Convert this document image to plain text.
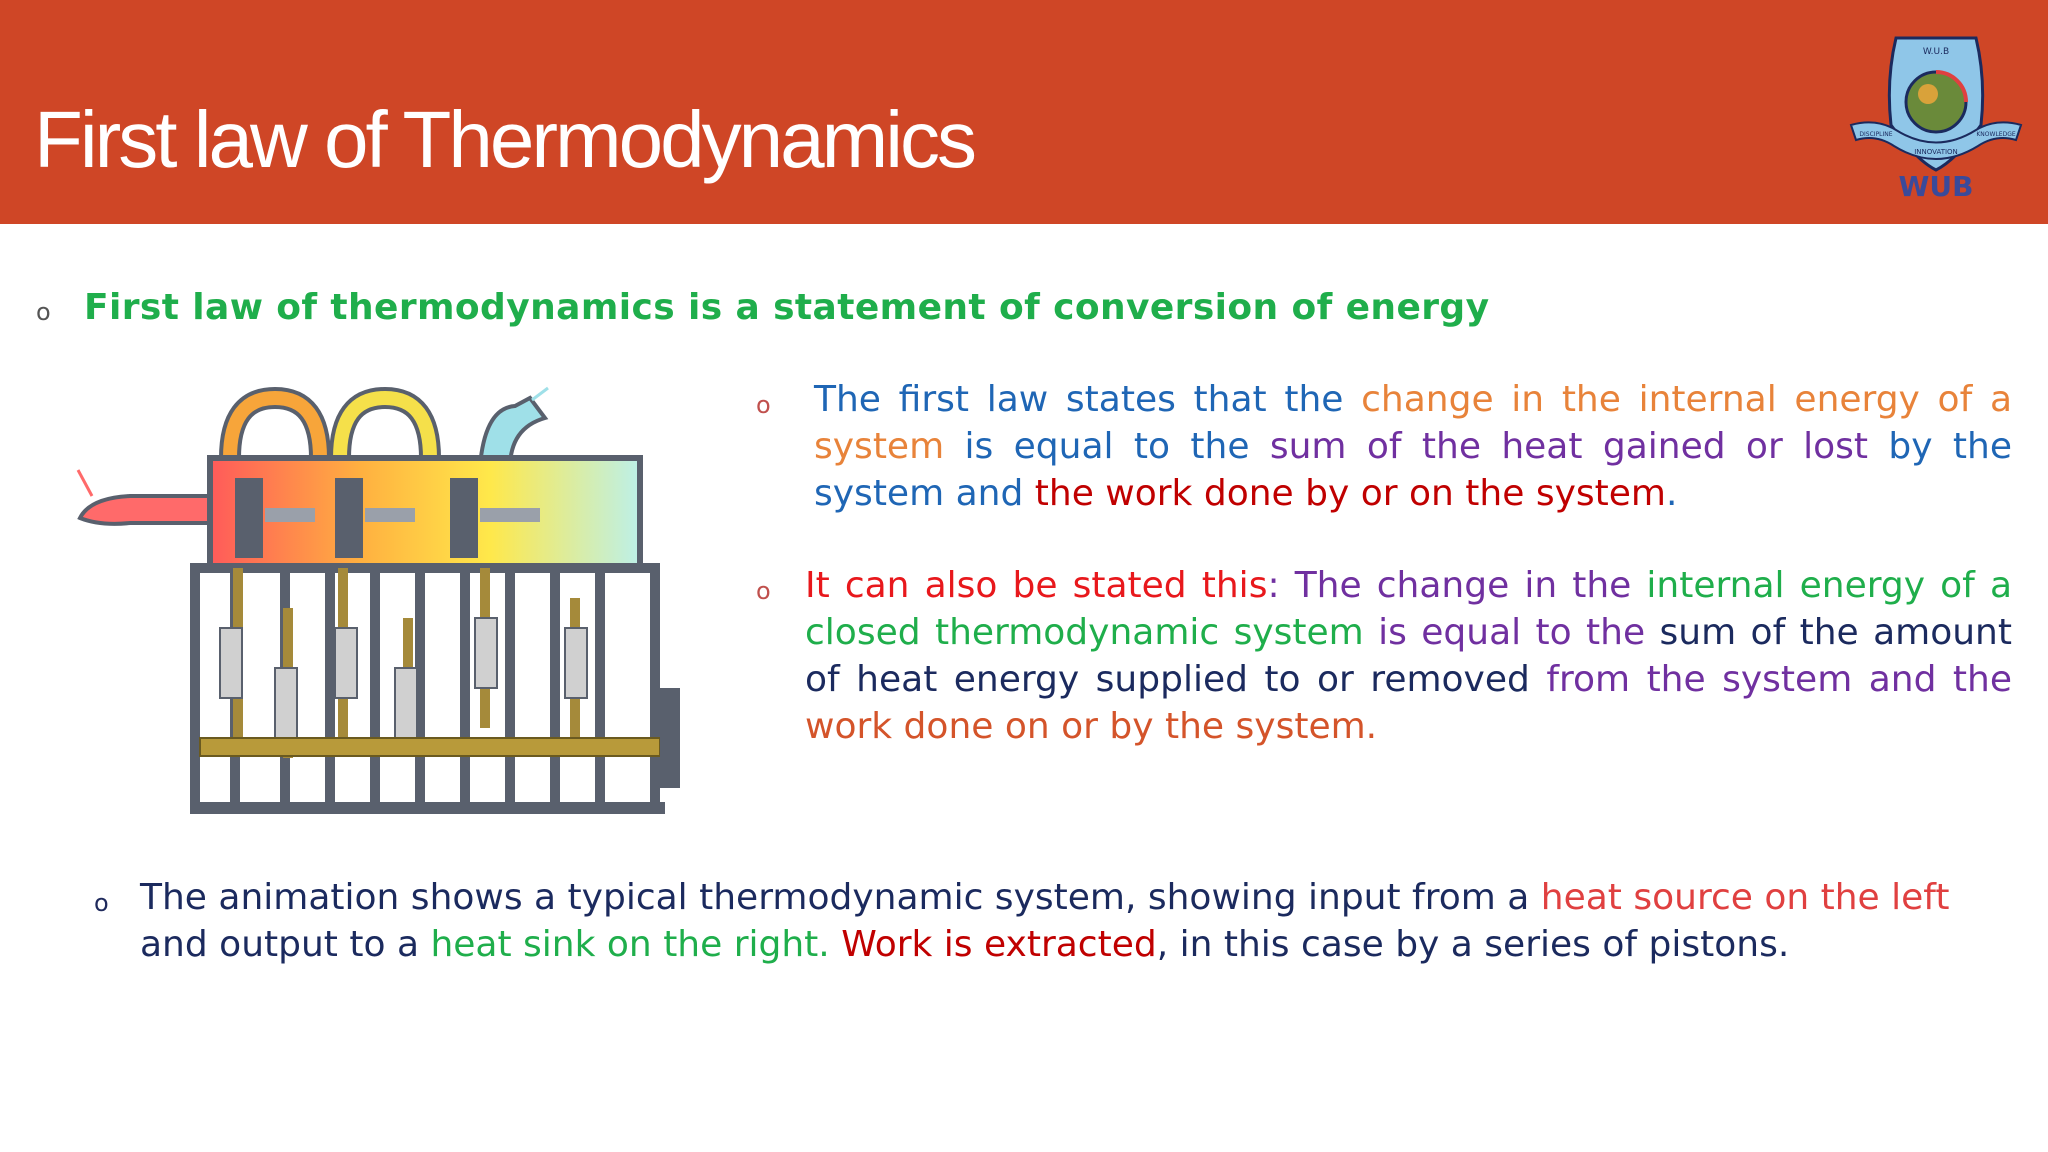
First law of Thermodynamics
W.U.B
INNOVATION
DISCIPLINE	KNOWLEDGE
WUB
o First law of thermodynamics is a statement of conversion of energy
o The first law states that the change in the internal energy of a system is equal to the sum of the heat gained or lost by the system and the work done by or on the system.
o It can also be stated this: The change in the internal energy of a closed thermodynamic system is equal to the sum of the amount of heat energy supplied to or removed from the system and the work done on or by the system.
o The animation shows a typical thermodynamic system, showing input from a heat source on the left and output to a heat sink on the right. Work is extracted, in this case by a series of pistons.
